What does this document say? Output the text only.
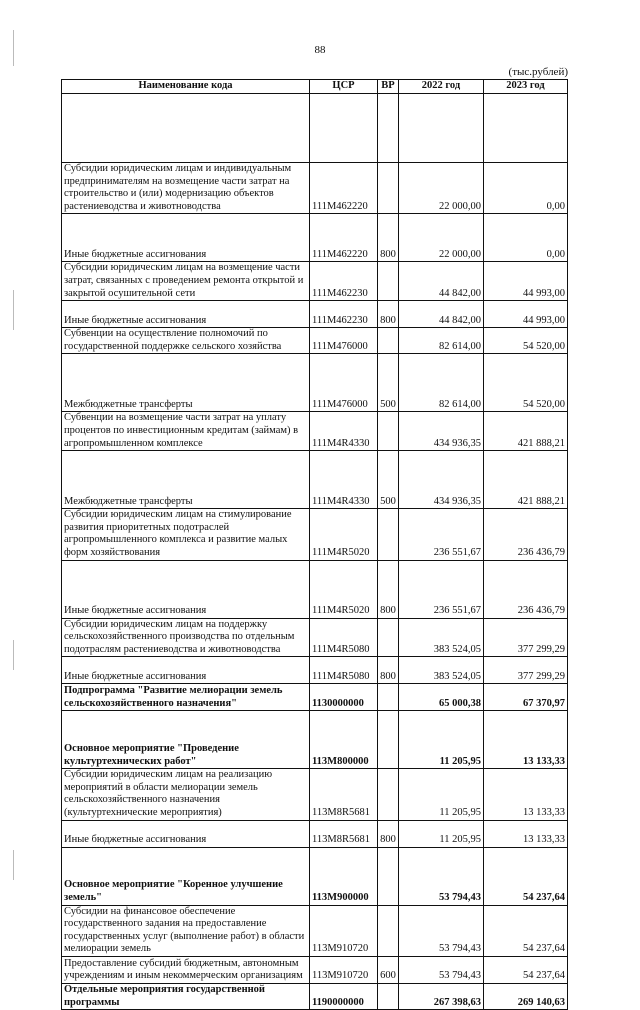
88
(тыс.рублей)
Наименование кода	ЦСР	ВР	2022 год	2023 год

Субсидии юридическим лицам и индивидуальным предпринимателям на возмещение части затрат на строительство и (или) модернизацию объектов растениеводства и животноводства	111М462220		22 000,00	0,00
Иные бюджетные ассигнования	111М462220	800	22 000,00	0,00
Субсидии юридическим лицам на возмещение части затрат, связанных с проведением ремонта открытой и закрытой осушительной сети	111М462230		44 842,00	44 993,00
Иные бюджетные ассигнования	111М462230	800	44 842,00	44 993,00
Субвенции на осуществление полномочий по государственной поддержке сельского хозяйства	111М476000		82 614,00	54 520,00
Межбюджетные трансферты	111М476000	500	82 614,00	54 520,00
Субвенции на возмещение части затрат на уплату процентов по инвестиционным кредитам (займам) в агропромышленном комплексе	111М4R4330		434 936,35	421 888,21
Межбюджетные трансферты	111М4R4330	500	434 936,35	421 888,21
Субсидии юридическим лицам на стимулирование развития приоритетных подотраслей агропромышленного комплекса и развитие малых форм хозяйствования	111М4R5020		236 551,67	236 436,79
Иные бюджетные ассигнования	111М4R5020	800	236 551,67	236 436,79
Субсидии юридическим лицам на поддержку сельскохозяйственного производства по отдельным подотраслям растениеводства и животноводства	111М4R5080		383 524,05	377 299,29
Иные бюджетные ассигнования	111М4R5080	800	383 524,05	377 299,29
Подпрограмма "Развитие мелиорации земель сельскохозяйственного назначения"	1130000000		65 000,38	67 370,97
Основное мероприятие "Проведение культуртехнических работ"	113М800000		11 205,95	13 133,33
Субсидии юридическим лицам на реализацию мероприятий в области мелиорации земель сельскохозяйственного назначения (культуртехнические мероприятия)	113М8R5681		11 205,95	13 133,33
Иные бюджетные ассигнования	113М8R5681	800	11 205,95	13 133,33
Основное мероприятие "Коренное улучшение земель"	113М900000		53 794,43	54 237,64
Субсидии на финансовое обеспечение государственного задания на предоставление государственных услуг (выполнение работ) в области мелиорации земель	113М910720		53 794,43	54 237,64
Предоставление субсидий бюджетным, автономным учреждениям и иным некоммерческим организациям	113М910720	600	53 794,43	54 237,64
Отдельные мероприятия государственной программы	1190000000		267 398,63	269 140,63
